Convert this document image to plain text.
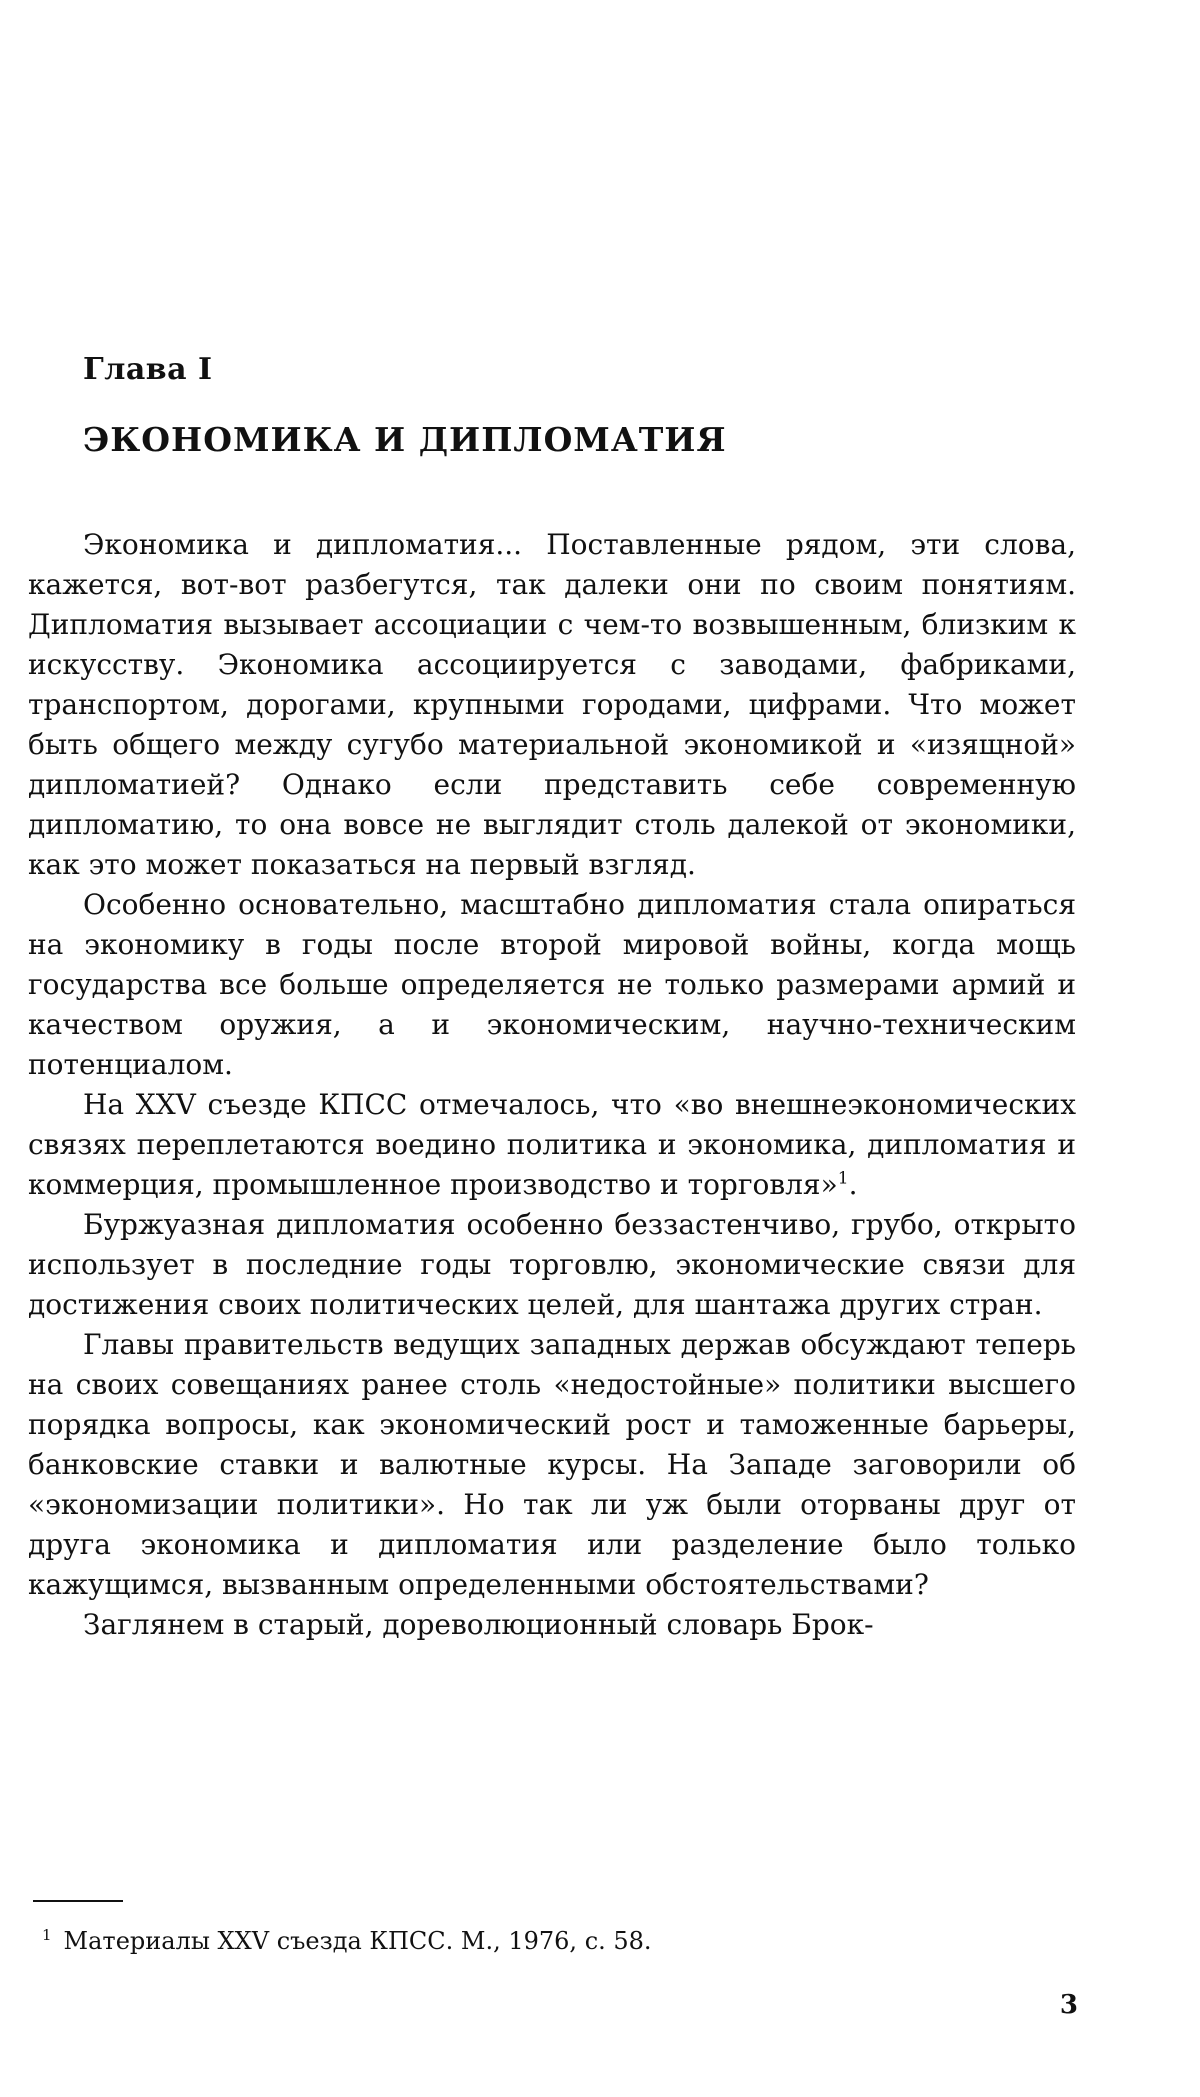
Глава I
ЭКОНОМИКА И ДИПЛОМАТИЯ

Экономика и дипломатия... Поставленные рядом, эти слова, кажется, вот-вот разбегутся, так далеки они по своим понятиям. Дипломатия вызывает ассоциации с чем-то возвышенным, близким к искусству. Экономика ассоциируется с заводами, фабриками, транспортом, дорогами, крупными городами, цифрами. Что может быть общего между сугубо материальной экономикой и «изящной» дипломатией? Однако если представить себе современную дипломатию, то она вовсе не выглядит столь далекой от экономики, как это может показаться на первый взгляд.

Особенно основательно, масштабно дипломатия стала опираться на экономику в годы после второй мировой войны, когда мощь государства все больше определяется не только размерами армий и качеством оружия, а и экономическим, научно-техническим потенциалом.

На XXV съезде КПСС отмечалось, что «во внешнеэкономических связях переплетаются воедино политика и экономика, дипломатия и коммерция, промышленное производство и торговля»$^1$.

Буржуазная дипломатия особенно беззастенчиво, грубо, открыто использует в последние годы торговлю, экономические связи для достижения своих политических целей, для шантажа других стран.

Главы правительств ведущих западных держав обсуждают теперь на своих совещаниях ранее столь «недостойные» политики высшего порядка вопросы, как экономический рост и таможенные барьеры, банковские ставки и валютные курсы. На Западе заговорили об «экономизации политики». Но так ли уж были оторваны друг от друга экономика и дипломатия или разделение было только кажущимся, вызванным определенными обстоятельствами?

Заглянем в старый, дореволюционный словарь Брок-

$^1$ Материалы XXV съезда КПСС. М., 1976, с. 58.
3
